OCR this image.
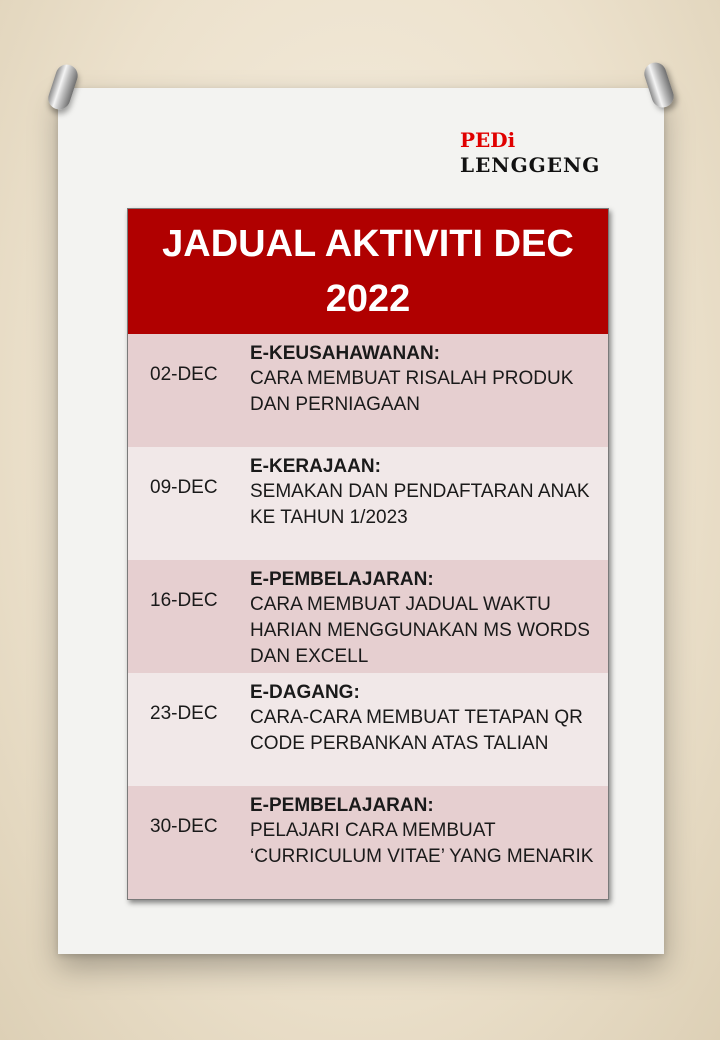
PEDi
LENGGENG
JADUAL AKTIVITI DEC 2022
02-DEC
E-KEUSAHAWANAN:
CARA MEMBUAT RISALAH PRODUK DAN PERNIAGAAN
09-DEC
E-KERAJAAN:
SEMAKAN DAN PENDAFTARAN ANAK KE TAHUN 1/2023
16-DEC
E-PEMBELAJARAN:
CARA MEMBUAT JADUAL WAKTU HARIAN MENGGUNAKAN MS WORDS DAN EXCELL
23-DEC
E-DAGANG:
CARA-CARA MEMBUAT TETAPAN QR CODE PERBANKAN ATAS TALIAN
30-DEC
E-PEMBELAJARAN:
PELAJARI CARA MEMBUAT ‘CURRICULUM VITAE’ YANG MENARIK
